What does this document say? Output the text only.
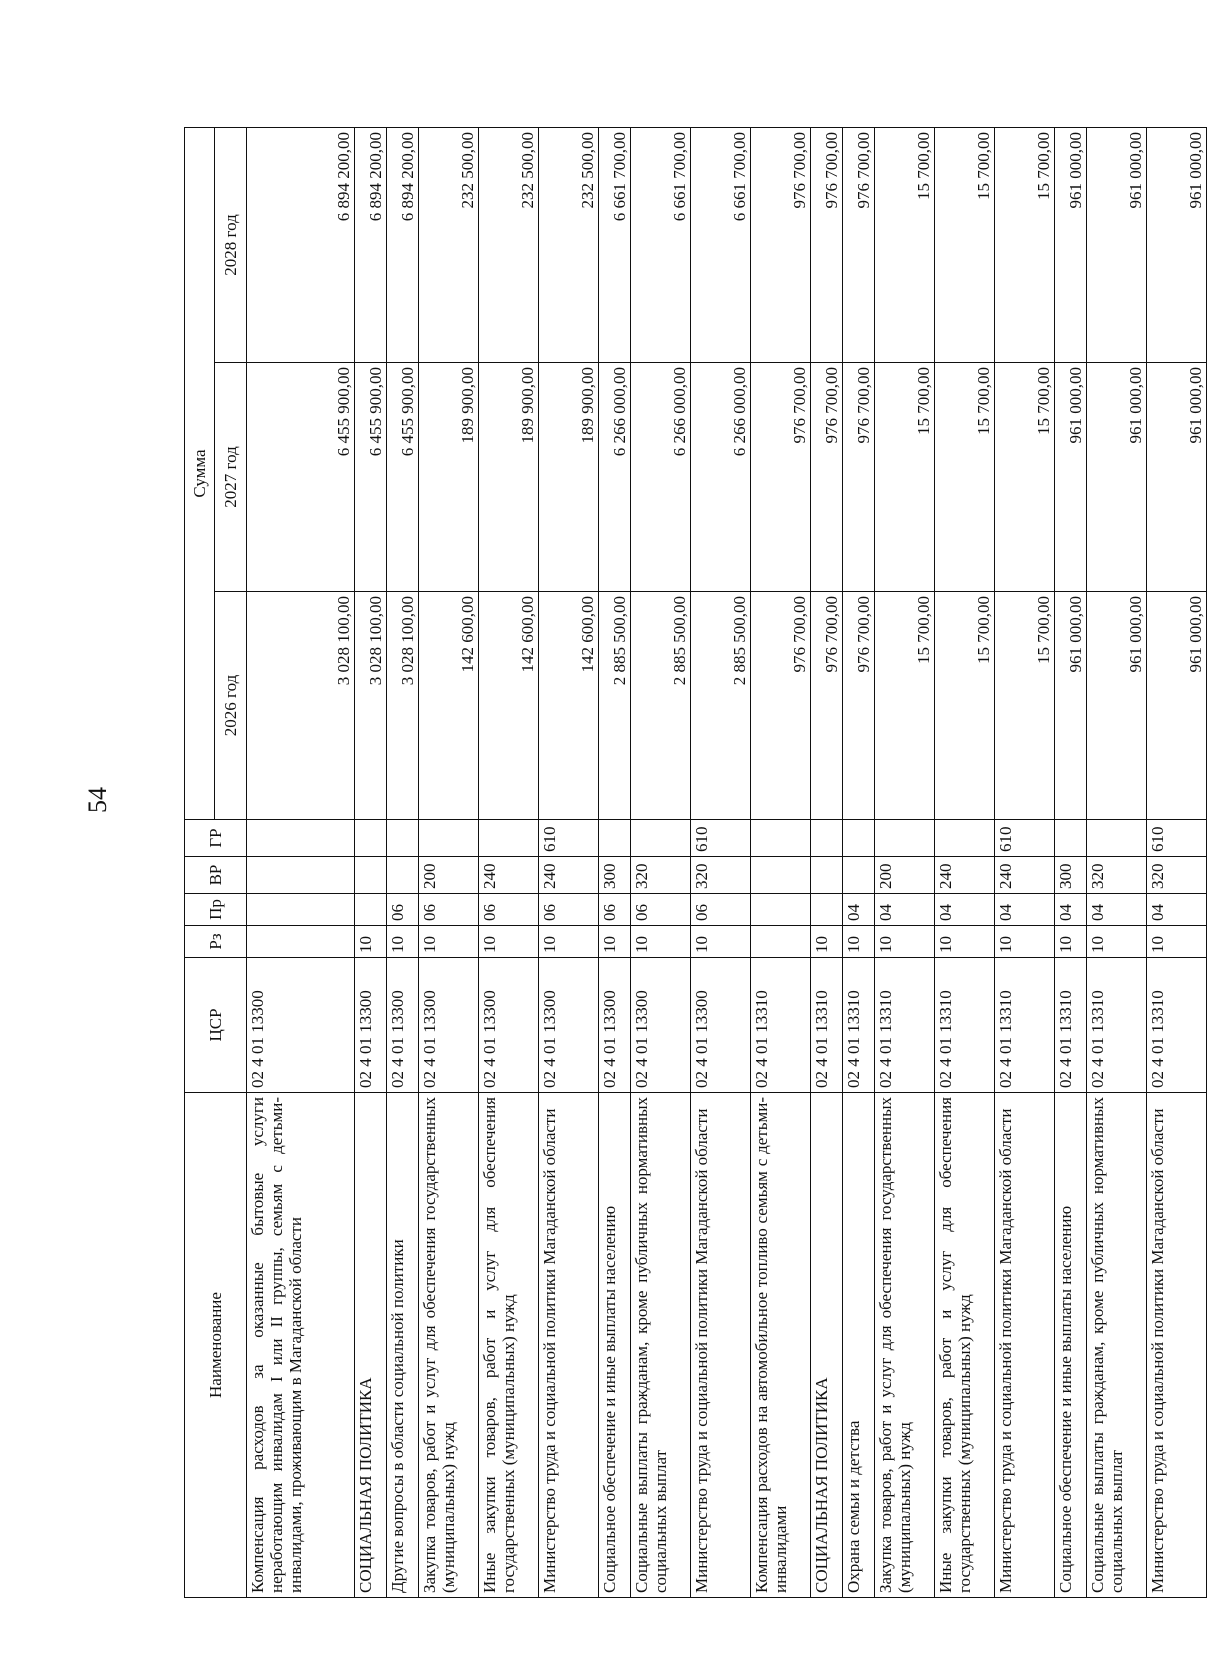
54
Наименование	ЦСР	Рз	Пр	ВР	ГР	Сумма		
						2026 год	2027 год	2028 год
Компенсация расходов за оказанные бытовые услуги неработающим инвалидам I или II группы, семьям с детьми-инвалидами, проживающим в Магаданской области	02 4 01 13300					3 028 100,00	6 455 900,00	6 894 200,00
СОЦИАЛЬНАЯ ПОЛИТИКА	02 4 01 13300	10				3 028 100,00	6 455 900,00	6 894 200,00
Другие вопросы в области социальной политики	02 4 01 13300	10	06			3 028 100,00	6 455 900,00	6 894 200,00
Закупка товаров, работ и услуг для обеспечения государственных (муниципальных) нужд	02 4 01 13300	10	06	200		142 600,00	189 900,00	232 500,00
Иные закупки товаров, работ и услуг для обеспечения государственных (муниципальных) нужд	02 4 01 13300	10	06	240		142 600,00	189 900,00	232 500,00
Министерство труда и социальной политики Магаданской области	02 4 01 13300	10	06	240	610	142 600,00	189 900,00	232 500,00
Социальное обеспечение и иные выплаты населению	02 4 01 13300	10	06	300		2 885 500,00	6 266 000,00	6 661 700,00
Социальные выплаты гражданам, кроме публичных нормативных социальных выплат	02 4 01 13300	10	06	320		2 885 500,00	6 266 000,00	6 661 700,00
Министерство труда и социальной политики Магаданской области	02 4 01 13300	10	06	320	610	2 885 500,00	6 266 000,00	6 661 700,00
Компенсация расходов на автомобильное топливо семьям с детьми-инвалидами	02 4 01 13310					976 700,00	976 700,00	976 700,00
СОЦИАЛЬНАЯ ПОЛИТИКА	02 4 01 13310	10				976 700,00	976 700,00	976 700,00
Охрана семьи и детства	02 4 01 13310	10	04			976 700,00	976 700,00	976 700,00
Закупка товаров, работ и услуг для обеспечения государственных (муниципальных) нужд	02 4 01 13310	10	04	200		15 700,00	15 700,00	15 700,00
Иные закупки товаров, работ и услуг для обеспечения государственных (муниципальных) нужд	02 4 01 13310	10	04	240		15 700,00	15 700,00	15 700,00
Министерство труда и социальной политики Магаданской области	02 4 01 13310	10	04	240	610	15 700,00	15 700,00	15 700,00
Социальное обеспечение и иные выплаты населению	02 4 01 13310	10	04	300		961 000,00	961 000,00	961 000,00
Социальные выплаты гражданам, кроме публичных нормативных социальных выплат	02 4 01 13310	10	04	320		961 000,00	961 000,00	961 000,00
Министерство труда и социальной политики Магаданской области	02 4 01 13310	10	04	320	610	961 000,00	961 000,00	961 000,00
